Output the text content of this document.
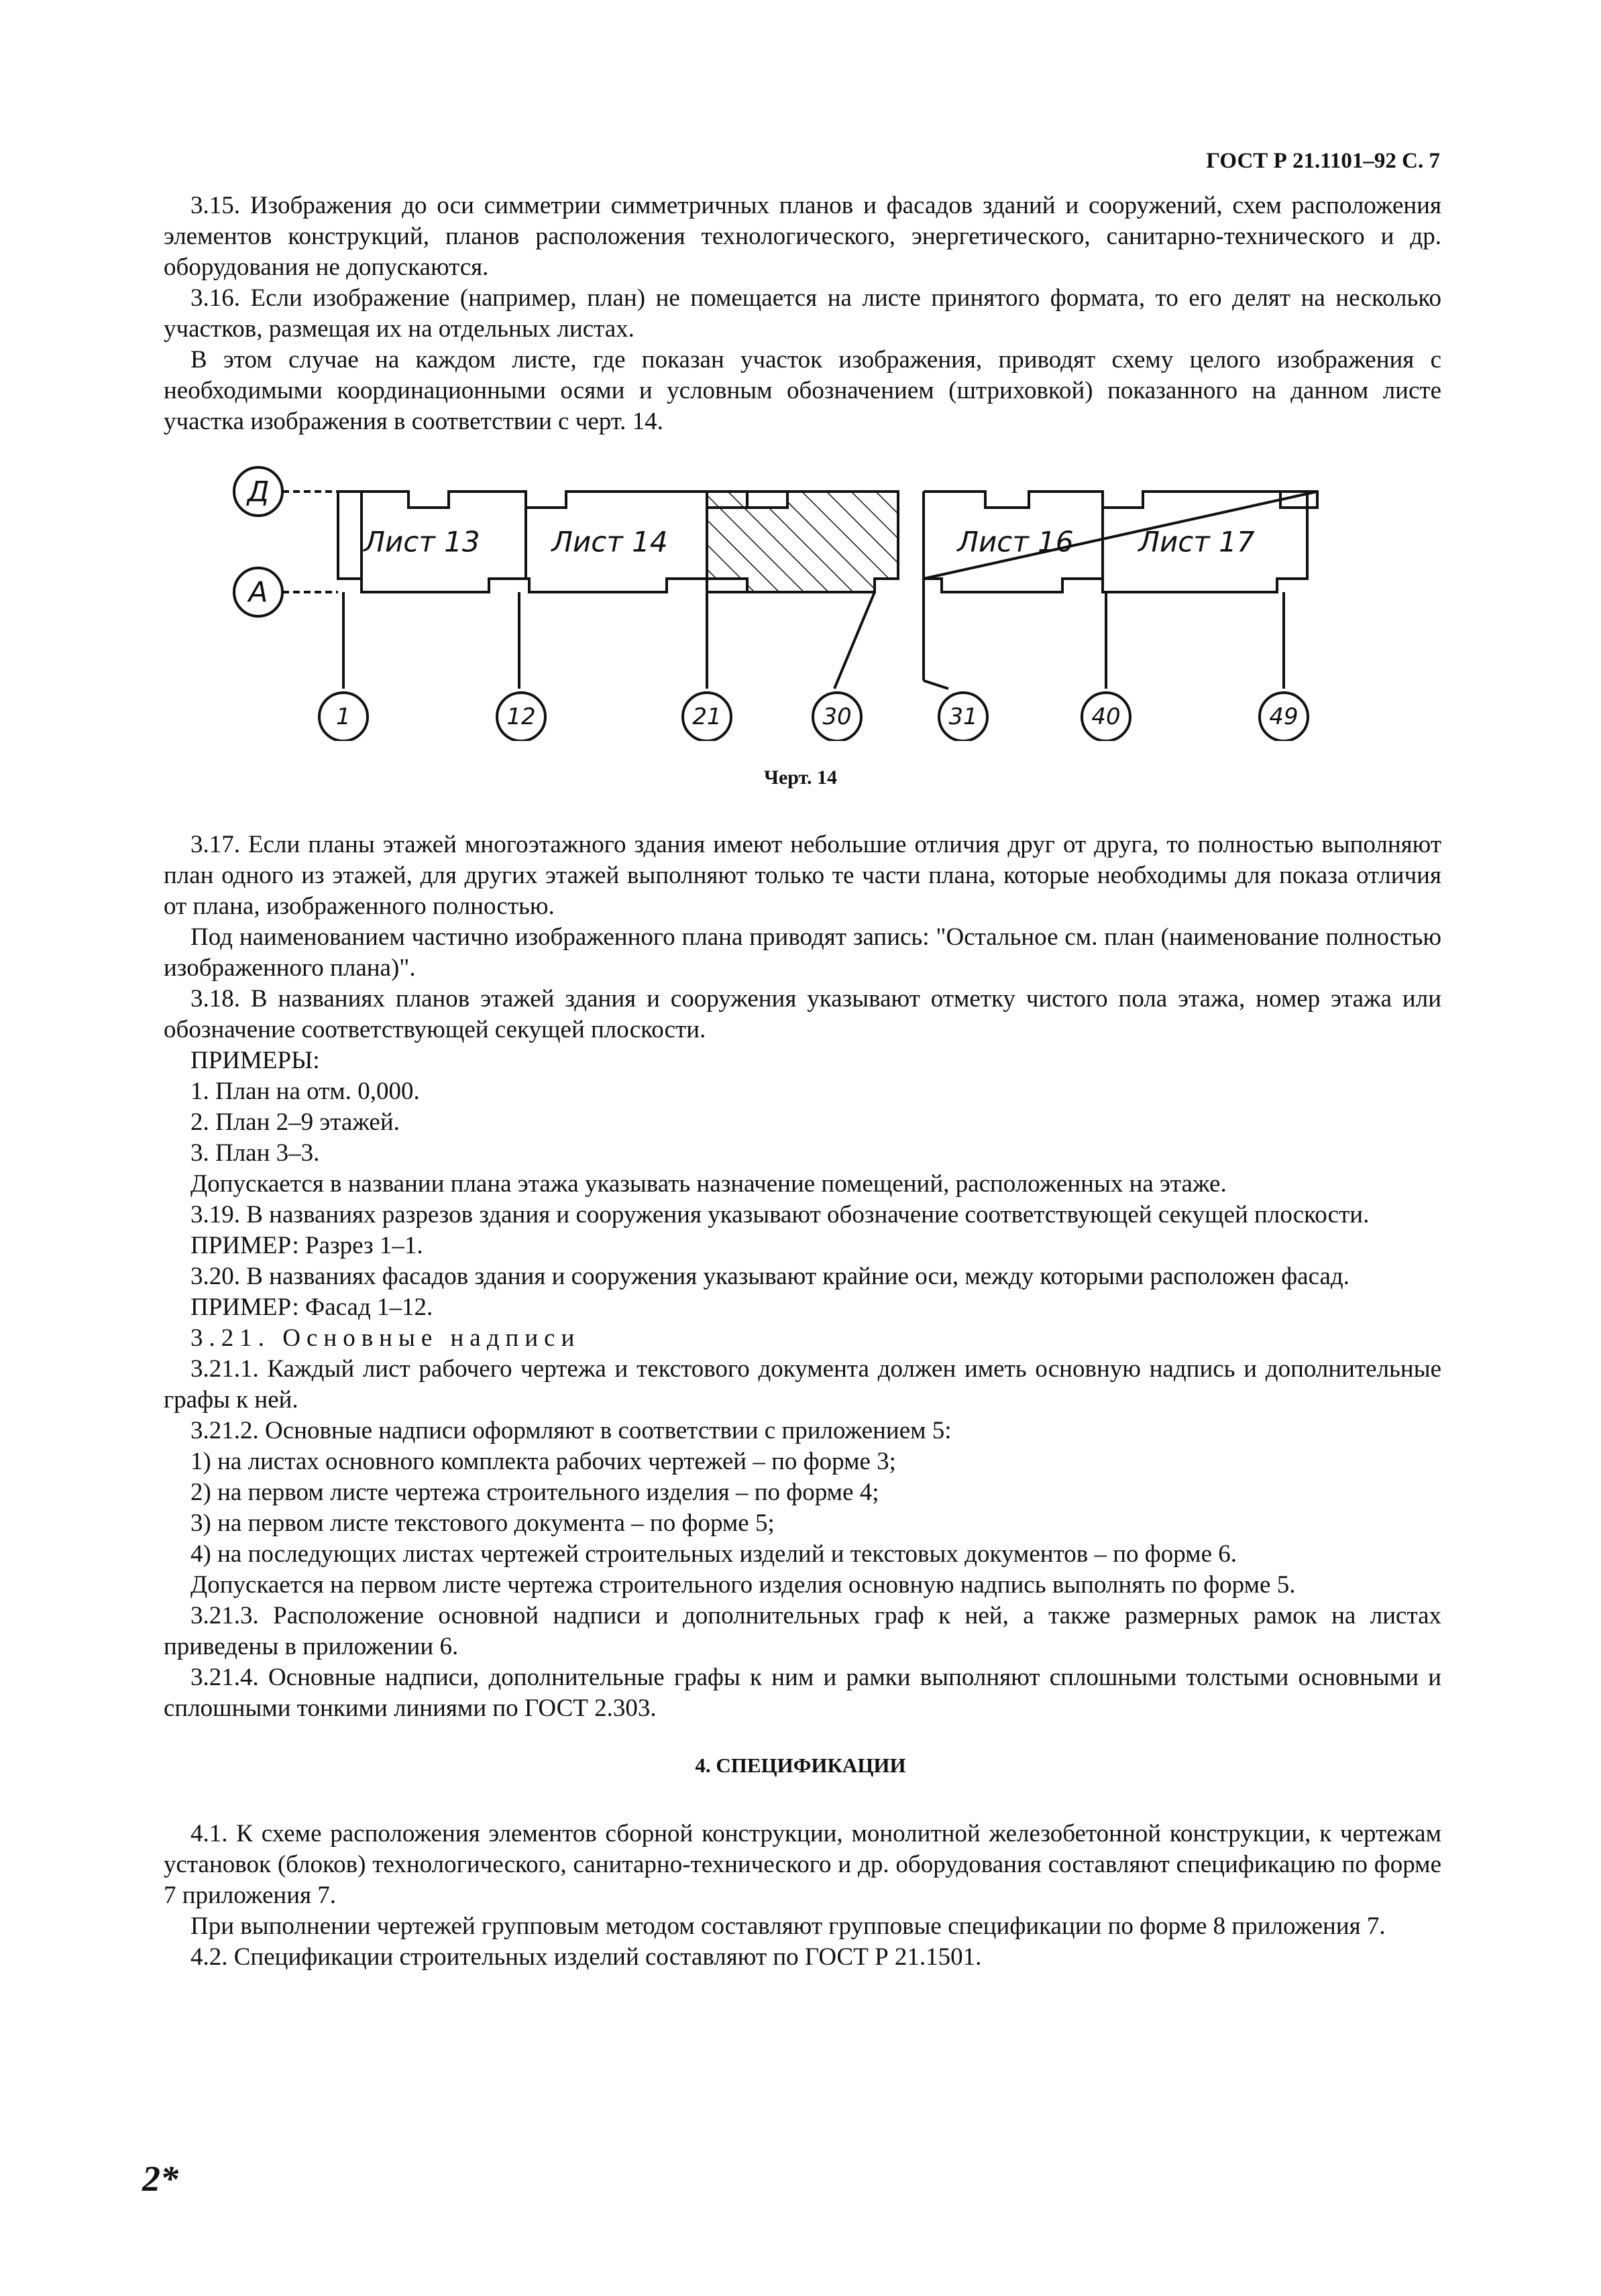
ГОСТ Р 21.1101–92 С. 7

3.15. Изображения до оси симметрии симметричных планов и фасадов зданий и сооружений, схем расположения элементов конструкций, планов расположения технологического, энергетического, санитарно-технического и др. оборудования не допускаются.

3.16. Если изображение (например, план) не помещается на листе принятого формата, то его делят на несколько участков, размещая их на отдельных листах.

В этом случае на каждом листе, где показан участок изображения, приводят схему целого изображения с необходимыми координационными осями и условным обозначением (штриховкой) показанного на данном листе участка изображения в соответствии с черт. 14.

Д
А
Лист 13	Лист 14	Лист 16 Лист 17
1	12	21	30	31	40	49
Черт. 14

3.17. Если планы этажей многоэтажного здания имеют небольшие отличия друг от друга, то полностью выполняют план одного из этажей, для других этажей выполняют только те части плана, которые необходимы для показа отличия от плана, изображенного полностью.

Под наименованием частично изображенного плана приводят запись: "Остальное см. план (наименование полностью изображенного плана)".

3.18. В названиях планов этажей здания и сооружения указывают отметку чистого пола этажа, номер этажа или обозначение соответствующей секущей плоскости.

ПРИМЕРЫ:

1. План на отм. 0,000.

2. План 2–9 этажей.

3. План 3–3.

Допускается в названии плана этажа указывать назначение помещений, расположенных на этаже.

3.19. В названиях разрезов здания и сооружения указывают обозначение соответствующей секущей плоскости.

ПРИМЕР: Разрез 1–1.

3.20. В названиях фасадов здания и сооружения указывают крайние оси, между которыми расположен фасад.

ПРИМЕР: Фасад 1–12.

3.21. Основные надписи

3.21.1. Каждый лист рабочего чертежа и текстового документа должен иметь основную надпись и дополнительные графы к ней.

3.21.2. Основные надписи оформляют в соответствии с приложением 5:

1) на листах основного комплекта рабочих чертежей – по форме 3;

2) на первом листе чертежа строительного изделия – по форме 4;

3) на первом листе текстового документа – по форме 5;

4) на последующих листах чертежей строительных изделий и текстовых документов – по форме 6.

Допускается на первом листе чертежа строительного изделия основную надпись выполнять по форме 5.

3.21.3. Расположение основной надписи и дополнительных граф к ней, а также размерных рамок на листах приведены в приложении 6.

3.21.4. Основные надписи, дополнительные графы к ним и рамки выполняют сплошными толстыми основными и сплошными тонкими линиями по ГОСТ 2.303.

4. СПЕЦИФИКАЦИИ

4.1. К схеме расположения элементов сборной конструкции, монолитной железобетонной конструкции, к чертежам установок (блоков) технологического, санитарно-технического и др. оборудования составляют спецификацию по форме 7 приложения 7.

При выполнении чертежей групповым методом составляют групповые спецификации по форме 8 приложения 7.

4.2. Спецификации строительных изделий составляют по ГОСТ Р 21.1501.

2*
